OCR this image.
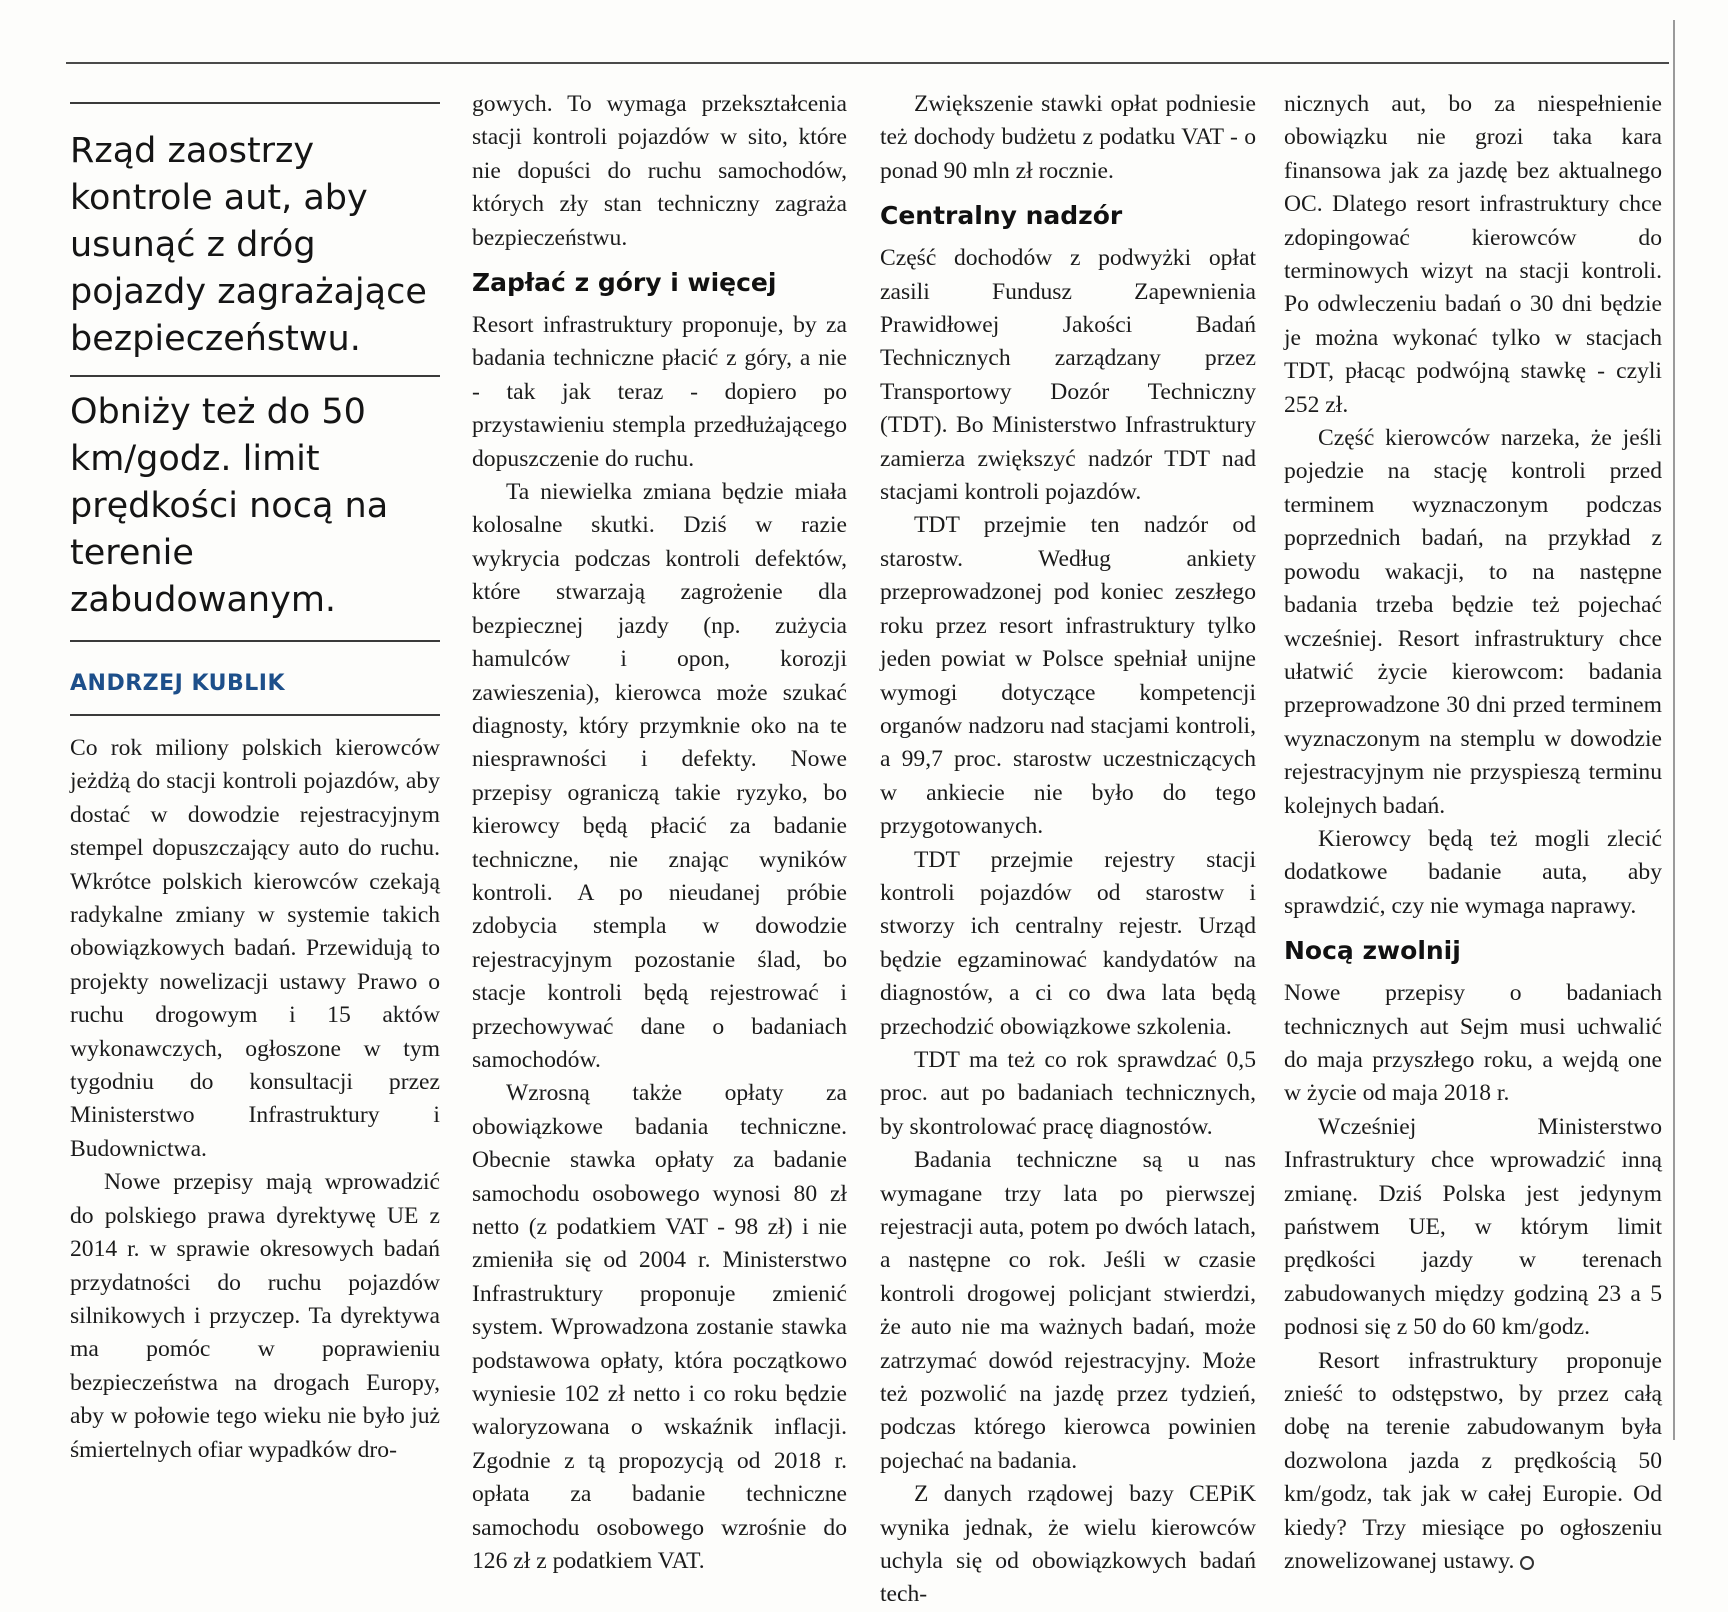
Rząd zaostrzy kontrole aut, aby usunąć z dróg pojazdy zagrażające bezpieczeństwu.
Obniży też do 50 km/godz. limit prędkości nocą na terenie zabudowanym.
ANDRZEJ KUBLIK

Co rok miliony polskich kierowców jeżdżą do stacji kontroli pojazdów, aby dostać w dowodzie rejestracyjnym stempel dopuszczający auto do ruchu. Wkrótce polskich kierowców czekają radykalne zmiany w systemie takich obowiązkowych badań. Przewidują to projekty nowelizacji ustawy Prawo o ruchu drogowym i 15 aktów wykonawczych, ogłoszone w tym tygodniu do konsultacji przez Ministerstwo Infrastruktury i Budownictwa.

Nowe przepisy mają wprowadzić do polskiego prawa dyrektywę UE z 2014 r. w sprawie okresowych badań przydatności do ruchu pojazdów silnikowych i przyczep. Ta dyrektywa ma pomóc w poprawieniu bezpieczeństwa na drogach Europy, aby w połowie tego wieku nie było już śmiertelnych ofiar wypadków dro-

gowych. To wymaga przekształcenia stacji kontroli pojazdów w sito, które nie dopuści do ruchu samochodów, których zły stan techniczny zagraża bezpieczeństwu.

Zapłać z góry i więcej

Resort infrastruktury proponuje, by za badania techniczne płacić z góry, a nie - tak jak teraz - dopiero po przystawieniu stempla przedłużającego dopuszczenie do ruchu.

Ta niewielka zmiana będzie miała kolosalne skutki. Dziś w razie wykrycia podczas kontroli defektów, które stwarzają zagrożenie dla bezpiecznej jazdy (np. zużycia hamulców i opon, korozji zawieszenia), kierowca może szukać diagnosty, który przymknie oko na te niesprawności i defekty. Nowe przepisy ograniczą takie ryzyko, bo kierowcy będą płacić za badanie techniczne, nie znając wyników kontroli. A po nieudanej próbie zdobycia stempla w dowodzie rejestracyjnym pozostanie ślad, bo stacje kontroli będą rejestrować i przechowywać dane o badaniach samochodów.

Wzrosną także opłaty za obowiązkowe badania techniczne. Obecnie stawka opłaty za badanie samochodu osobowego wynosi 80 zł netto (z podatkiem VAT - 98 zł) i nie zmieniła się od 2004 r. Ministerstwo Infrastruktury proponuje zmienić system. Wprowadzona zostanie stawka podstawowa opłaty, która początkowo wyniesie 102 zł netto i co roku będzie waloryzowana o wskaźnik inflacji. Zgodnie z tą propozycją od 2018 r. opłata za badanie techniczne samochodu osobowego wzrośnie do 126 zł z podatkiem VAT.

Zwiększenie stawki opłat podniesie też dochody budżetu z podatku VAT - o ponad 90 mln zł rocznie.

Centralny nadzór

Część dochodów z podwyżki opłat zasili Fundusz Zapewnienia Prawidłowej Jakości Badań Technicznych zarządzany przez Transportowy Dozór Techniczny (TDT). Bo Ministerstwo Infrastruktury zamierza zwiększyć nadzór TDT nad stacjami kontroli pojazdów.

TDT przejmie ten nadzór od starostw. Według ankiety przeprowadzonej pod koniec zeszłego roku przez resort infrastruktury tylko jeden powiat w Polsce spełniał unijne wymogi dotyczące kompetencji organów nadzoru nad stacjami kontroli, a 99,7 proc. starostw uczestniczących w ankiecie nie było do tego przygotowanych.

TDT przejmie rejestry stacji kontroli pojazdów od starostw i stworzy ich centralny rejestr. Urząd będzie egzaminować kandydatów na diagnostów, a ci co dwa lata będą przechodzić obowiązkowe szkolenia.

TDT ma też co rok sprawdzać 0,5 proc. aut po badaniach technicznych, by skontrolować pracę diagnostów.

Badania techniczne są u nas wymagane trzy lata po pierwszej rejestracji auta, potem po dwóch latach, a następne co rok. Jeśli w czasie kontroli drogowej policjant stwierdzi, że auto nie ma ważnych badań, może zatrzymać dowód rejestracyjny. Może też pozwolić na jazdę przez tydzień, podczas którego kierowca powinien pojechać na badania.

Z danych rządowej bazy CEPiK wynika jednak, że wielu kierowców uchyla się od obowiązkowych badań tech-

nicznych aut, bo za niespełnienie obowiązku nie grozi taka kara finansowa jak za jazdę bez aktualnego OC. Dlatego resort infrastruktury chce zdopingować kierowców do terminowych wizyt na stacji kontroli. Po odwleczeniu badań o 30 dni będzie je można wykonać tylko w stacjach TDT, płacąc podwójną stawkę - czyli 252 zł.

Część kierowców narzeka, że jeśli pojedzie na stację kontroli przed terminem wyznaczonym podczas poprzednich badań, na przykład z powodu wakacji, to na następne badania trzeba będzie też pojechać wcześniej. Resort infrastruktury chce ułatwić życie kierowcom: badania przeprowadzone 30 dni przed terminem wyznaczonym na stemplu w dowodzie rejestracyjnym nie przyspieszą terminu kolejnych badań.

Kierowcy będą też mogli zlecić dodatkowe badanie auta, aby sprawdzić, czy nie wymaga naprawy.

Nocą zwolnij

Nowe przepisy o badaniach technicznych aut Sejm musi uchwalić do maja przyszłego roku, a wejdą one w życie od maja 2018 r.

Wcześniej Ministerstwo Infrastruktury chce wprowadzić inną zmianę. Dziś Polska jest jedynym państwem UE, w którym limit prędkości jazdy w terenach zabudowanych między godziną 23 a 5 podnosi się z 50 do 60 km/godz.

Resort infrastruktury proponuje znieść to odstępstwo, by przez całą dobę na terenie zabudowanym była dozwolona jazda z prędkością 50 km/godz, tak jak w całej Europie. Od kiedy? Trzy miesiące po ogłoszeniu znowelizowanej ustawy.
